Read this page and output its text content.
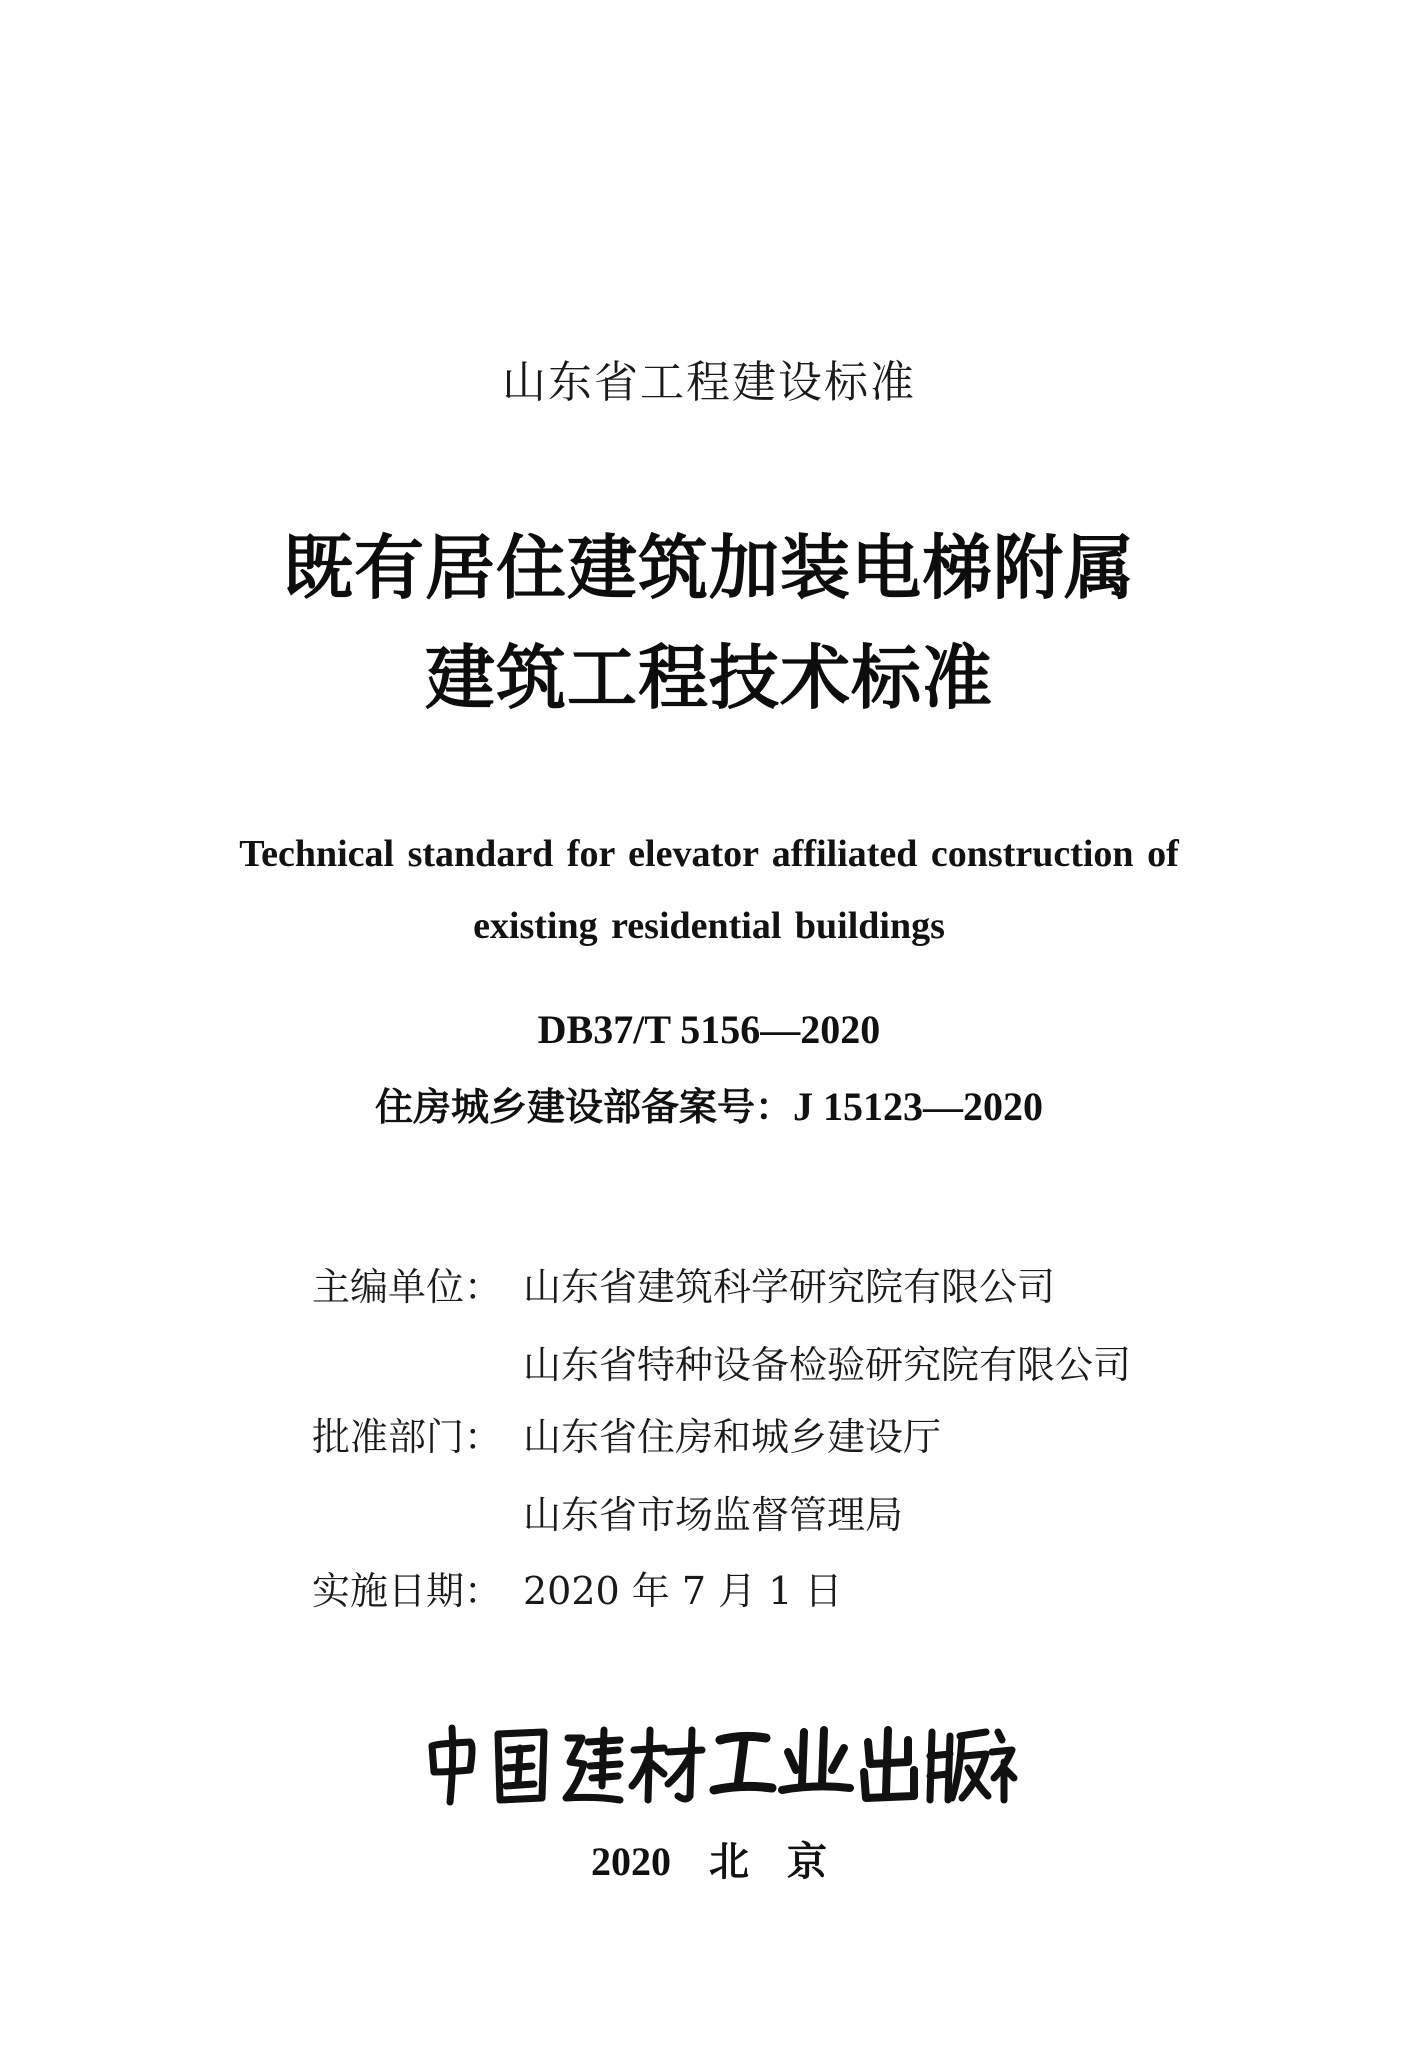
山东省工程建设标准
既有居住建筑加装电梯附属
建筑工程技术标准
Technical standard for elevator affiliated construction of
existing residential buildings
DB37/T 5156—2020
住房城乡建设部备案号：J 15123—2020
主编单位： 山东省建筑科学研究院有限公司
山东省特种设备检验研究院有限公司
批准部门： 山东省住房和城乡建设厅
山东省市场监督管理局
实施日期： 2020 年 7 月 1 日
2020 北 京
